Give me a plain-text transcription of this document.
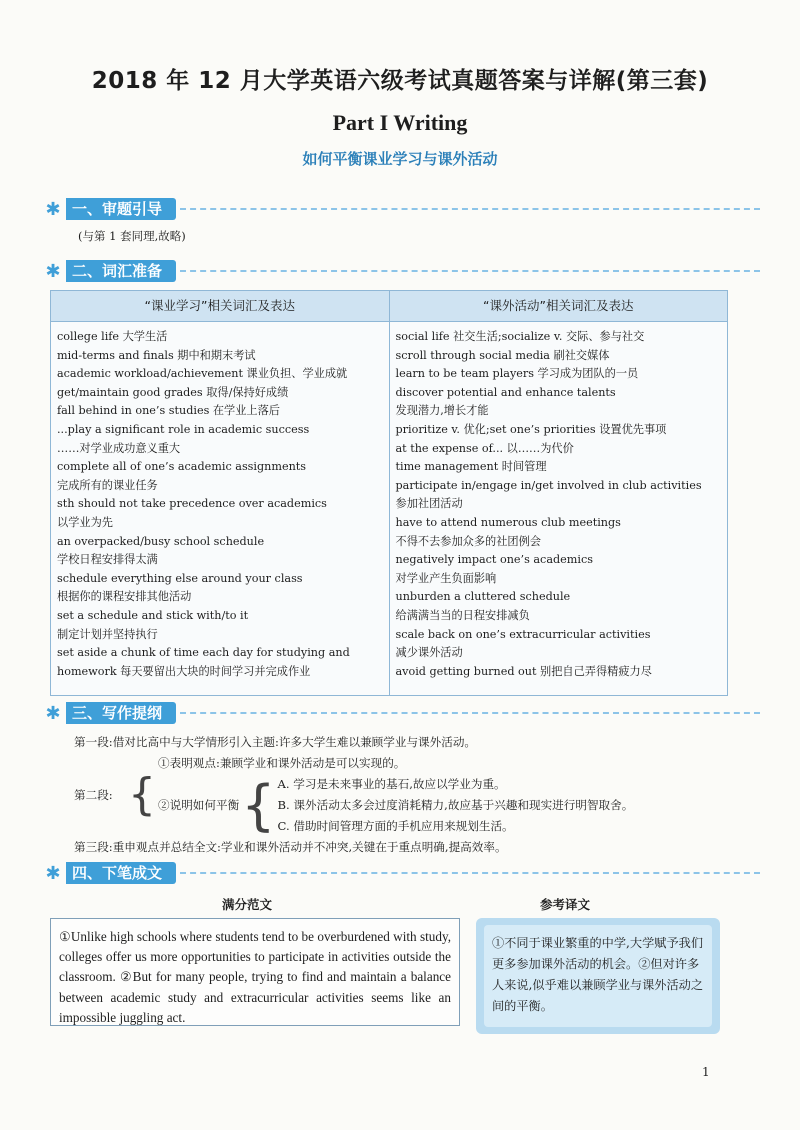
2018 年 12 月大学英语六级考试真题答案与详解(第三套)
Part I Writing
如何平衡课业学习与课外活动
✱ 一、审题引导
(与第 1 套同理,故略)
✱ 二、词汇准备
“课业学习”相关词汇及表达
college life 大学生活
mid-terms and finals 期中和期末考试
academic workload/achievement 课业负担、学业成就
get/maintain good grades 取得/保持好成绩
fall behind in one’s studies 在学业上落后
...play a significant role in academic success
……对学业成功意义重大
complete all of one’s academic assignments
完成所有的课业任务
sth should not take precedence over academics
以学业为先
an overpacked/busy school schedule
学校日程安排得太满
schedule everything else around your class
根据你的课程安排其他活动
set a schedule and stick with/to it
制定计划并坚持执行
set aside a chunk of time each day for studying and
homework 每天要留出大块的时间学习并完成作业
“课外活动”相关词汇及表达
social life 社交生活;socialize v. 交际、参与社交
scroll through social media 刷社交媒体
learn to be team players 学习成为团队的一员
discover potential and enhance talents
发现潜力,增长才能
prioritize v. 优化;set one’s priorities 设置优先事项
at the expense of... 以……为代价
time management 时间管理
participate in/engage in/get involved in club activities
参加社团活动
have to attend numerous club meetings
不得不去参加众多的社团例会
negatively impact one’s academics
对学业产生负面影响
unburden a cluttered schedule
给满满当当的日程安排减负
scale back on one’s extracurricular activities
减少课外活动
avoid getting burned out 别把自己弄得精疲力尽
✱ 三、写作提纲
第一段:借对比高中与大学情形引入主题:许多大学生难以兼顾学业与课外活动。
第二段: {
①表明观点:兼顾学业和课外活动是可以实现的。
②说明如何平衡 { A. 学习是未来事业的基石,故应以学业为重。
B. 课外活动太多会过度消耗精力,故应基于兴趣和现实进行明智取舍。
C. 借助时间管理方面的手机应用来规划生活。
第三段:重申观点并总结全文:学业和课外活动并不冲突,关键在于重点明确,提高效率。
✱ 四、下笔成文
满分范文	参考译文
①Unlike high schools where students tend to be overburdened with study, colleges offer us more opportunities to participate in activities outside the classroom. ②But for many people, trying to find and maintain a balance between academic study and extracurricular activities seems like an impossible juggling act.
①不同于课业繁重的中学,大学赋予我们更多参加课外活动的机会。②但对许多人来说,似乎难以兼顾学业与课外活动之间的平衡。
1
